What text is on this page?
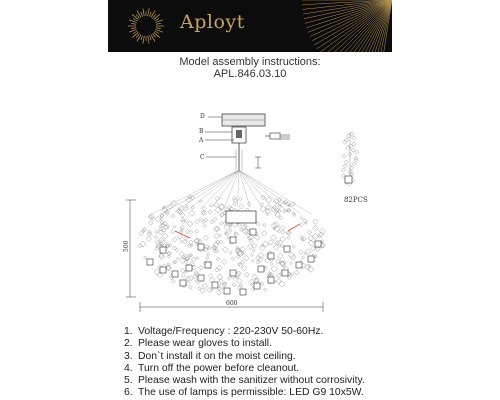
Aployt
Model assembly instructions:
APL.846.03.10
D
B
A
C
500
600
82PCS
1. Voltage/Frequency : 220-230V 50-60Hz.
2. Please wear gloves to install.
3. Don`t install it on the moist ceiling.
4. Turn off the power before cleanout.
5. Please wash with the sanitizer without corrosivity.
6. The use of lamps is permissible: LED G9 10x5W.
